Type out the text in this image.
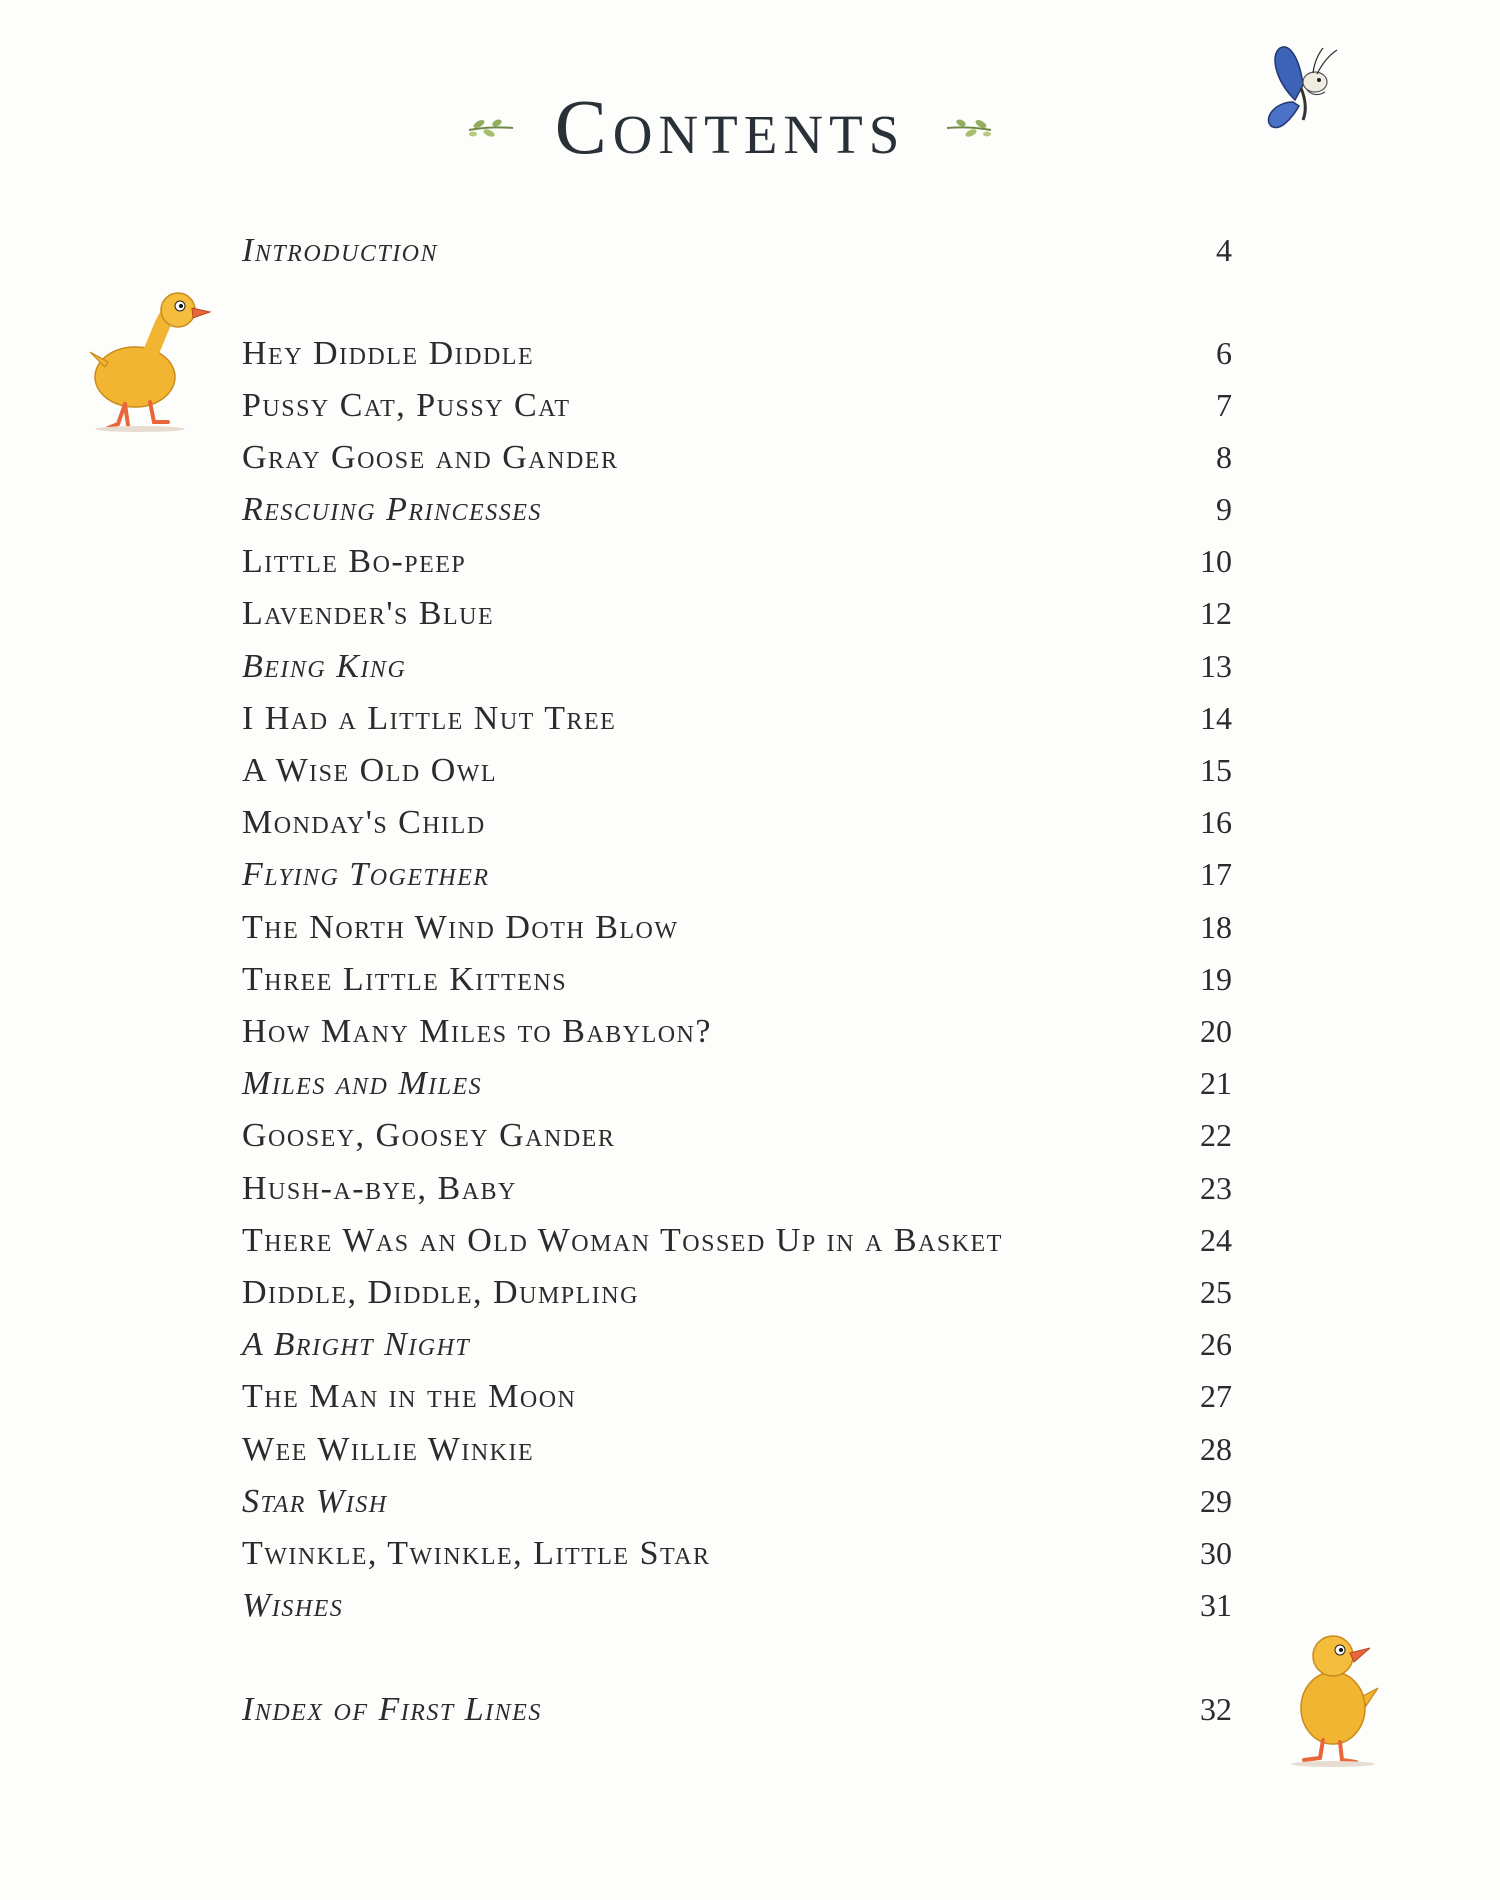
Contents
Introduction	4
Hey Diddle Diddle	6
Pussy Cat, Pussy Cat	7
Gray Goose and Gander	8
Rescuing Princesses	9
Little Bo-peep	10
Lavender's Blue	12
Being King	13
I Had a Little Nut Tree	14
A Wise Old Owl	15
Monday's Child	16
Flying Together	17
The North Wind Doth Blow	18
Three Little Kittens	19
How Many Miles to Babylon?	20
Miles and Miles	21
Goosey, Goosey Gander	22
Hush-a-bye, Baby	23
There Was an Old Woman Tossed Up in a Basket	24
Diddle, Diddle, Dumpling	25
A Bright Night	26
The Man in the Moon	27
Wee Willie Winkie	28
Star Wish	29
Twinkle, Twinkle, Little Star	30
Wishes	31
Index of First Lines	32
